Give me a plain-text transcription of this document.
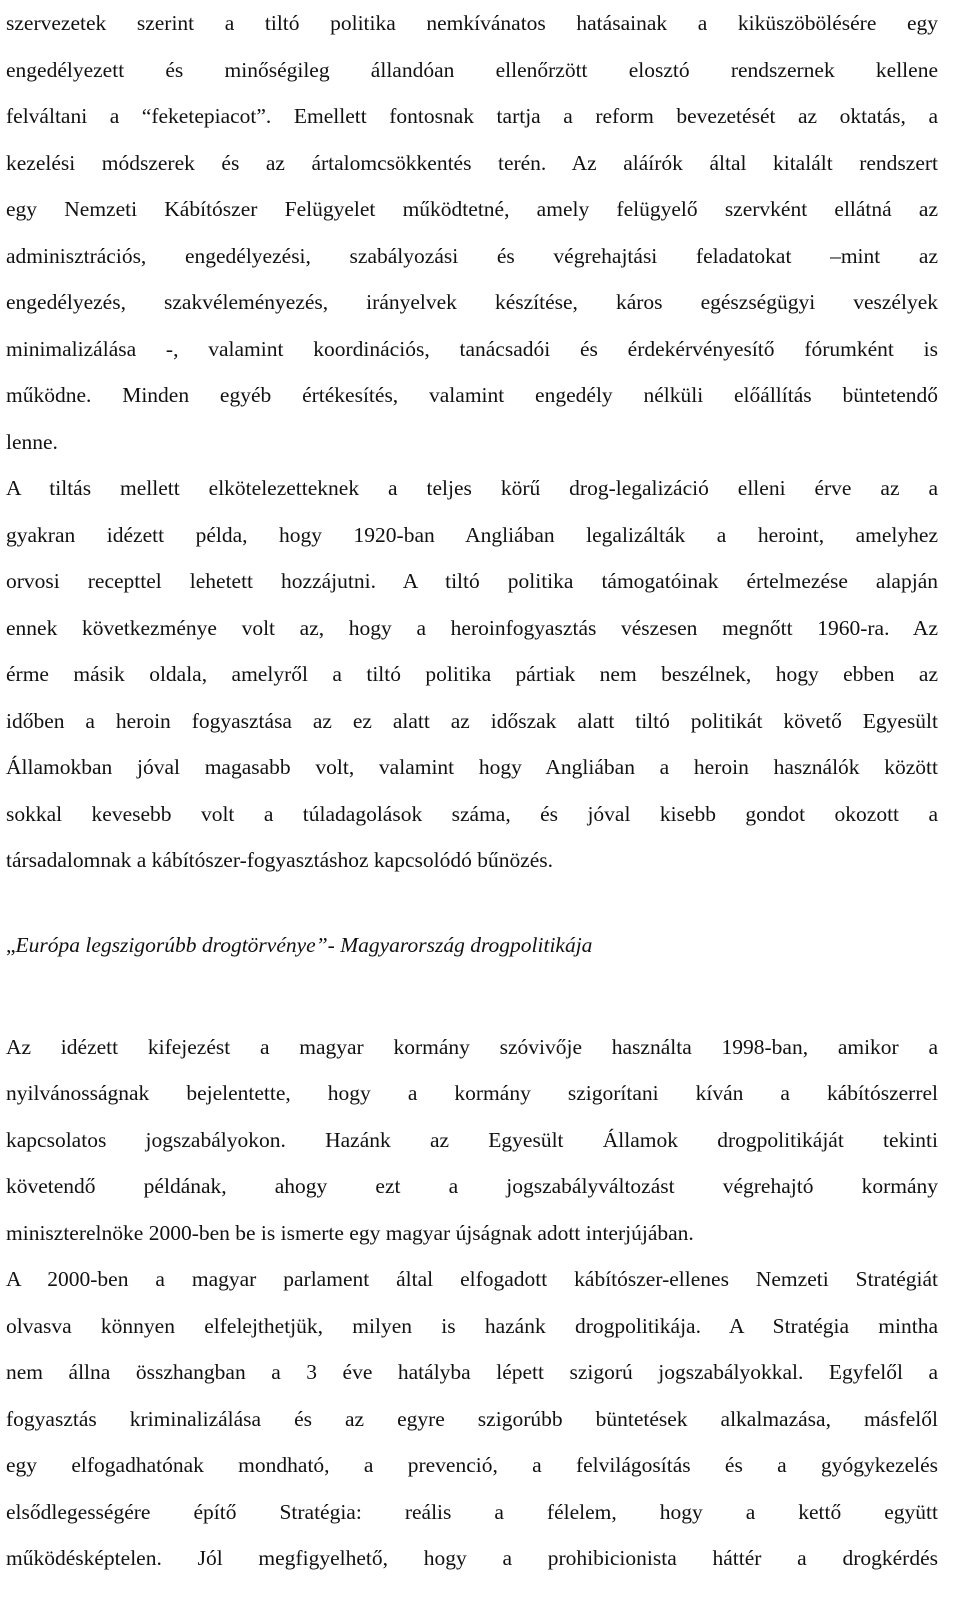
szervezetek szerint a tiltó politika nemkívánatos hatásainak a kiküszöbölésére egy
engedélyezett és minőségileg állandóan ellenőrzött elosztó rendszernek kellene
felváltani a “feketepiacot”. Emellett fontosnak tartja a reform bevezetését az oktatás, a
kezelési módszerek és az ártalomcsökkentés terén. Az aláírók által kitalált rendszert
egy Nemzeti Kábítószer Felügyelet működtetné, amely felügyelő szervként ellátná az
adminisztrációs, engedélyezési, szabályozási és végrehajtási feladatokat –mint az
engedélyezés, szakvéleményezés, irányelvek készítése, káros egészségügyi veszélyek
minimalizálása -, valamint koordinációs, tanácsadói és érdekérvényesítő fórumként is
működne. Minden egyéb értékesítés, valamint engedély nélküli előállítás büntetendő
lenne.
A tiltás mellett elkötelezetteknek a teljes körű drog-legalizáció elleni érve az a
gyakran idézett példa, hogy 1920-ban Angliában legalizálták a heroint, amelyhez
orvosi recepttel lehetett hozzájutni. A tiltó politika támogatóinak értelmezése alapján
ennek következménye volt az, hogy a heroinfogyasztás vészesen megnőtt 1960-ra. Az
érme másik oldala, amelyről a tiltó politika pártiak nem beszélnek, hogy ebben az
időben a heroin fogyasztása az ez alatt az időszak alatt tiltó politikát követő Egyesült
Államokban jóval magasabb volt, valamint hogy Angliában a heroin használók között
sokkal kevesebb volt a túladagolások száma, és jóval kisebb gondot okozott a
társadalomnak a kábítószer-fogyasztáshoz kapcsolódó bűnözés.
„Európa legszigorúbb drogtörvénye”- Magyarország drogpolitikája
Az idézett kifejezést a magyar kormány szóvivője használta 1998-ban, amikor a
nyilvánosságnak bejelentette, hogy a kormány szigorítani kíván a kábítószerrel
kapcsolatos jogszabályokon. Hazánk az Egyesült Államok drogpolitikáját tekinti
követendő példának, ahogy ezt a jogszabályváltozást végrehajtó kormány
miniszterelnöke 2000-ben be is ismerte egy magyar újságnak adott interjújában.
A 2000-ben a magyar parlament által elfogadott kábítószer-ellenes Nemzeti Stratégiát
olvasva könnyen elfelejthetjük, milyen is hazánk drogpolitikája. A Stratégia mintha
nem állna összhangban a 3 éve hatályba lépett szigorú jogszabályokkal. Egyfelől a
fogyasztás kriminalizálása és az egyre szigorúbb büntetések alkalmazása, másfelől
egy elfogadhatónak mondható, a prevenció, a felvilágosítás és a gyógykezelés
elsődlegességére építő Stratégia: reális a félelem, hogy a kettő együtt
működésképtelen. Jól megfigyelhető, hogy a prohibicionista háttér a drogkérdés
